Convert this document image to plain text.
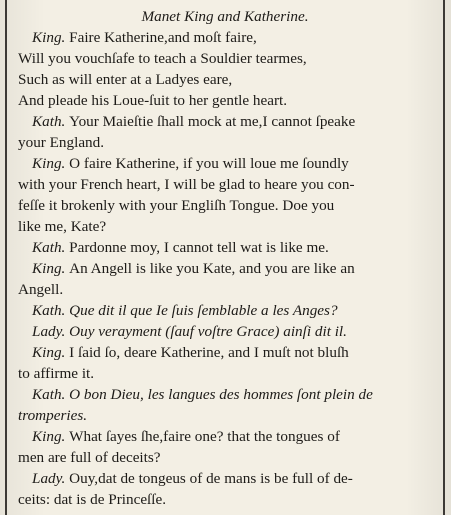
Manet King and Katherine.
King. Faire Katherine,and moſt faire,
Will you vouchſafe to teach a Souldier tearmes,
Such as will enter at a Ladyes eare,
And pleade his Loue-ſuit to her gentle heart.
Kath. Your Maieſtie ſhall mock at me,I cannot ſpeake
your England.
King. O faire Katherine, if you will loue me ſoundly
with your French heart, I will be glad to heare you con-
feſſe it brokenly with your Engliſh Tongue. Doe you
like me, Kate?
Kath. Pardonne moy, I cannot tell wat is like me.
King. An Angell is like you Kate, and you are like an
Angell.
Kath. Que dit il que Ie ſuis ſemblable a les Anges?
Lady. Ouy verayment (ſauf voſtre Grace) ainſi dit il.
King. I ſaid ſo, deare Katherine, and I muſt not bluſh
to affirme it.
Kath. O bon Dieu, les langues des hommes ſont plein de
tromperies.
King. What ſayes ſhe,faire one? that the tongues of
men are full of deceits?
Lady. Ouy,dat de tongeus of de mans is be full of de-
ceits: dat is de Princeſſe.
